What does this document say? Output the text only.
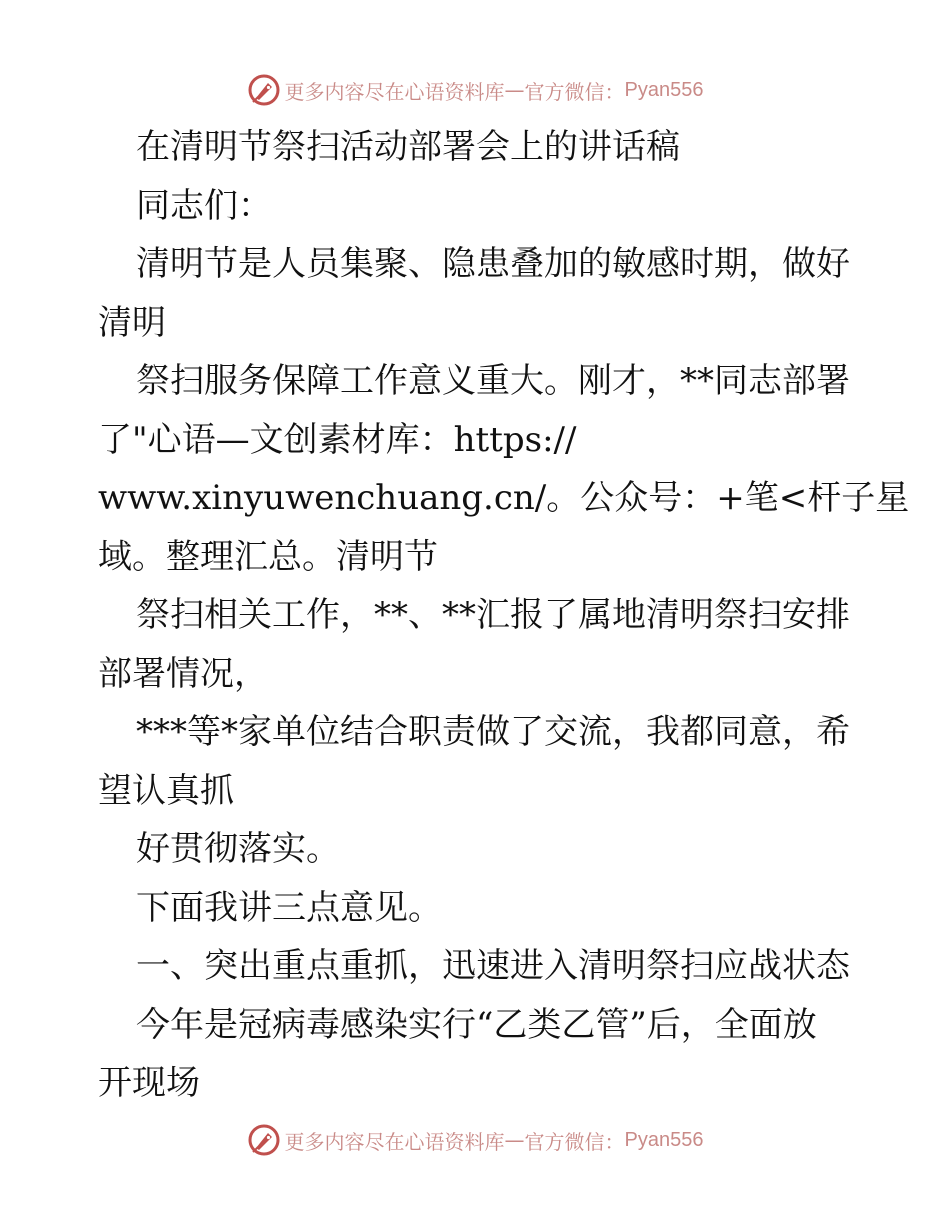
更多内容尽在心语资料库 — 官方微信： Pyan556
在清明节祭扫活动部署会上的讲话稿
同志们：
清明节是人员集聚、隐患叠加的敏感时期，做好
清明
祭扫服务保障工作意义重大。刚才，**同志部署
了"心语—文创素材库：https://
www.xinyuwenchuang.cn/。公众号：+笔<杆子星
域。整理汇总。清明节
祭扫相关工作，**、**汇报了属地清明祭扫安排
部署情况，
***等*家单位结合职责做了交流，我都同意，希
望认真抓
好贯彻落实。
下面我讲三点意见。
一、突出重点重抓，迅速进入清明祭扫应战状态
今年是冠病毒感染实行“乙类乙管”后，全面放
开现场
更多内容尽在心语资料库 — 官方微信： Pyan556
